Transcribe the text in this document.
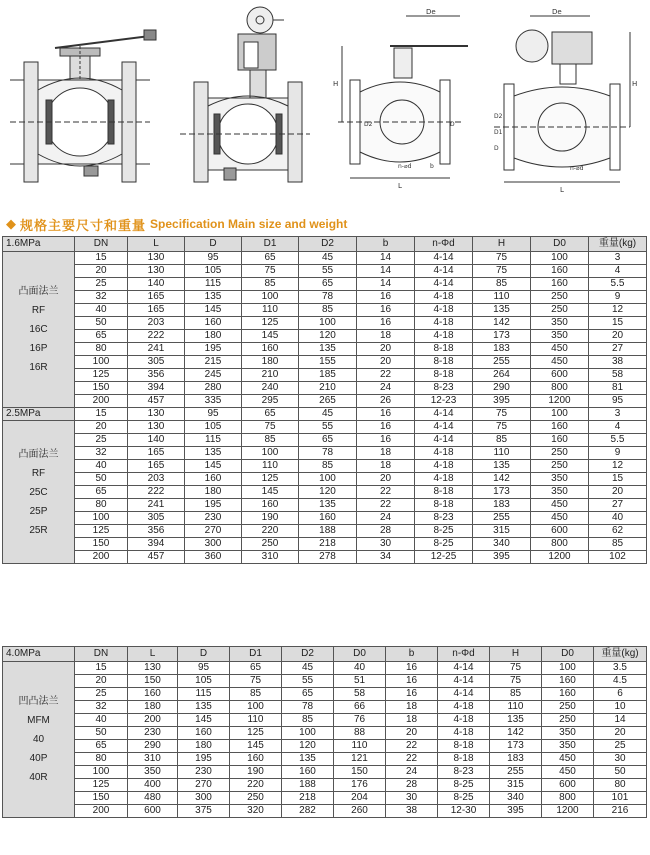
De
H
L
D2	D
n-⌀d	b
De
H
L
D2
D1
D
n-⌀d
◆ 规格主要尺寸和重量 Specification Main size and weight
1.6MPa	DN	L	D	D1	D2	b	n-Φd	H	D0	重量(kg)

凸面法兰
RF
16C
16P
16R	15	130	95	65	45	14	4-14	75	100	3
	20	130	105	75	55	14	4-14	75	160	4
	25	140	115	85	65	14	4-14	85	160	5.5
	32	165	135	100	78	16	4-18	110	250	9
	40	165	145	110	85	16	4-18	135	250	12
	50	203	160	125	100	16	4-18	142	350	15
	65	222	180	145	120	18	4-18	173	350	20
	80	241	195	160	135	20	8-18	183	450	27
	100	305	215	180	155	20	8-18	255	450	38
	125	356	245	210	185	22	8-18	264	600	58
	150	394	280	240	210	24	8-23	290	800	81
	200	457	335	295	265	26	12-23	395	1200	95
2.5MPa	15	130	95	65	45	16	4-14	75	100	3

凸面法兰
RF
25C
25P
25R	20	130	105	75	55	16	4-14	75	160	4
	25	140	115	85	65	16	4-14	85	160	5.5
	32	165	135	100	78	18	4-18	110	250	9
	40	165	145	110	85	18	4-18	135	250	12
	50	203	160	125	100	20	4-18	142	350	15
	65	222	180	145	120	22	8-18	173	350	20
	80	241	195	160	135	22	8-18	183	450	27
	100	305	230	190	160	24	8-23	255	450	40
	125	356	270	220	188	28	8-25	315	600	62
	150	394	300	250	218	30	8-25	340	800	85
	200	457	360	310	278	34	12-25	395	1200	102
4.0MPa	DN	L	D	D1	D2	D0	b	n-Φd	H	D0	重量(kg)

凹凸法兰
MFM
40
40P
40R	15	130	95	65	45	40	16	4-14	75	100	3.5
	20	150	105	75	55	51	16	4-14	75	160	4.5
	25	160	115	85	65	58	16	4-14	85	160	6
	32	180	135	100	78	66	18	4-18	110	250	10
	40	200	145	110	85	76	18	4-18	135	250	14
	50	230	160	125	100	88	20	4-18	142	350	20
	65	290	180	145	120	110	22	8-18	173	350	25
	80	310	195	160	135	121	22	8-18	183	450	30
	100	350	230	190	160	150	24	8-23	255	450	50
	125	400	270	220	188	176	28	8-25	315	600	80
	150	480	300	250	218	204	30	8-25	340	800	101
	200	600	375	320	282	260	38	12-30	395	1200	216
